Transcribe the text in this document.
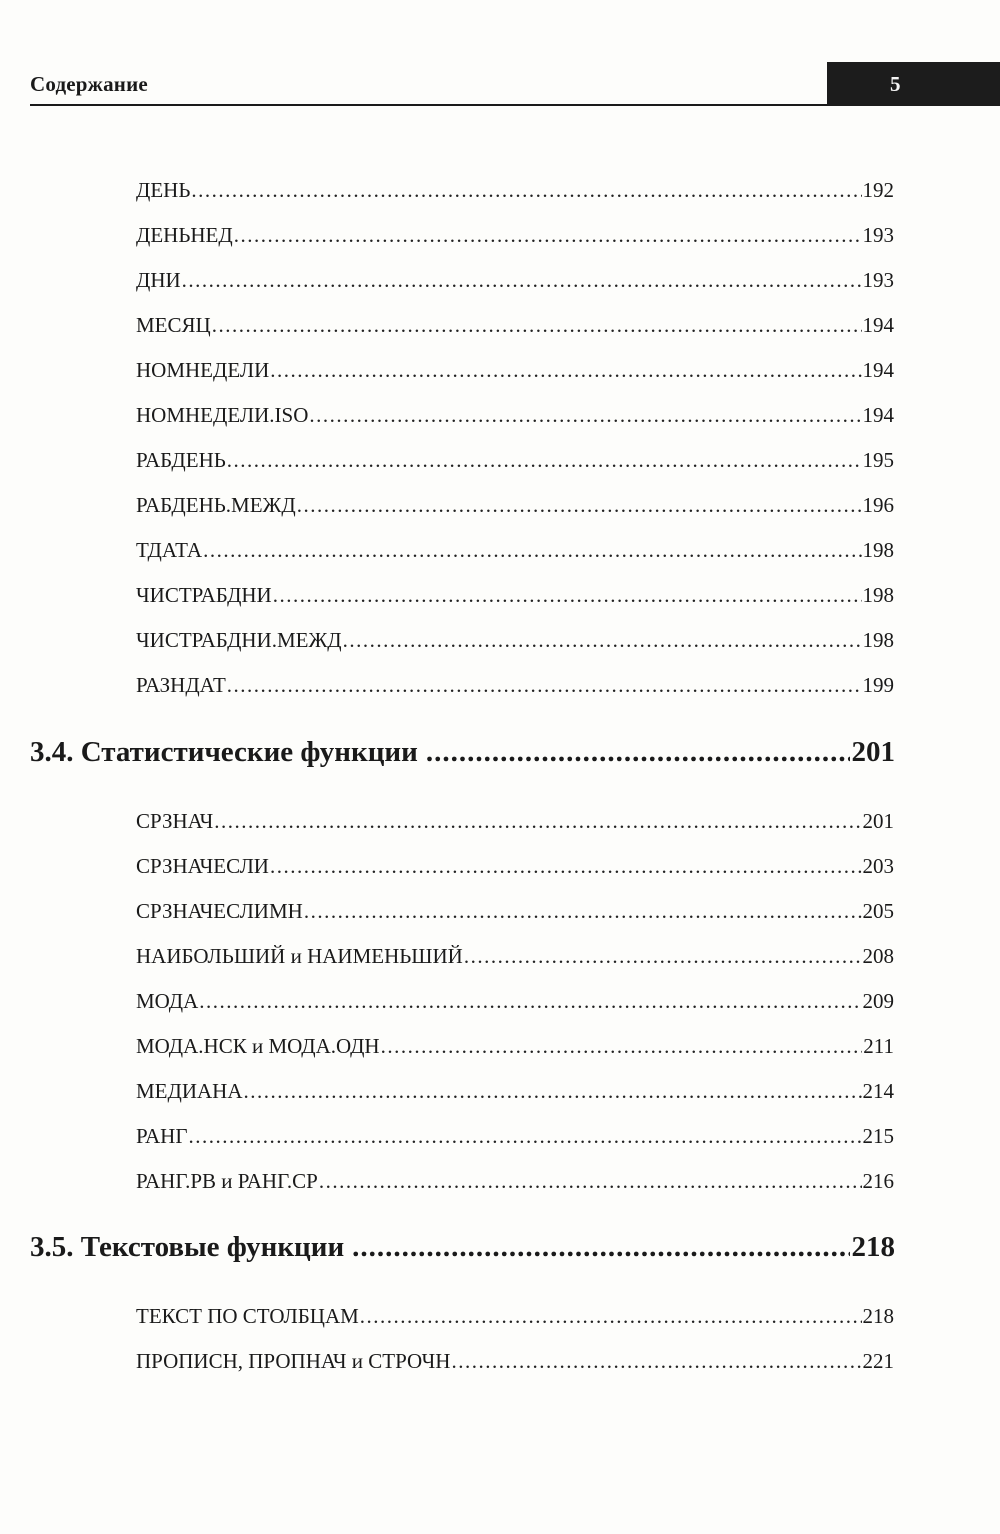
Содержание	5
ДЕНЬ .....	192
ДЕНЬНЕД .....	193
ДНИ .....	193
МЕСЯЦ .....	194
НОМНЕДЕЛИ .....	194
НОМНЕДЕЛИ.ISO .....	194
РАБДЕНЬ .....	195
РАБДЕНЬ.МЕЖД .....	196
ТДАТА .....	198
ЧИСТРАБДНИ .....	198
ЧИСТРАБДНИ.МЕЖД .....	198
РАЗНДАТ .....	199
3.4. Статистические функции .....	201
СРЗНАЧ .....	201
СРЗНАЧЕСЛИ .....	203
СРЗНАЧЕСЛИМН .....	205
НАИБОЛЬШИЙ и НАИМЕНЬШИЙ .....	208
МОДА .....	209
МОДА.НСК и МОДА.ОДН .....	211
МЕДИАНА .....	214
РАНГ .....	215
РАНГ.РВ и РАНГ.СР .....	216
3.5. Текстовые функции .....	218
ТЕКСТ ПО СТОЛБЦАМ .....	218
ПРОПИСН, ПРОПНАЧ и СТРОЧН .....	221
